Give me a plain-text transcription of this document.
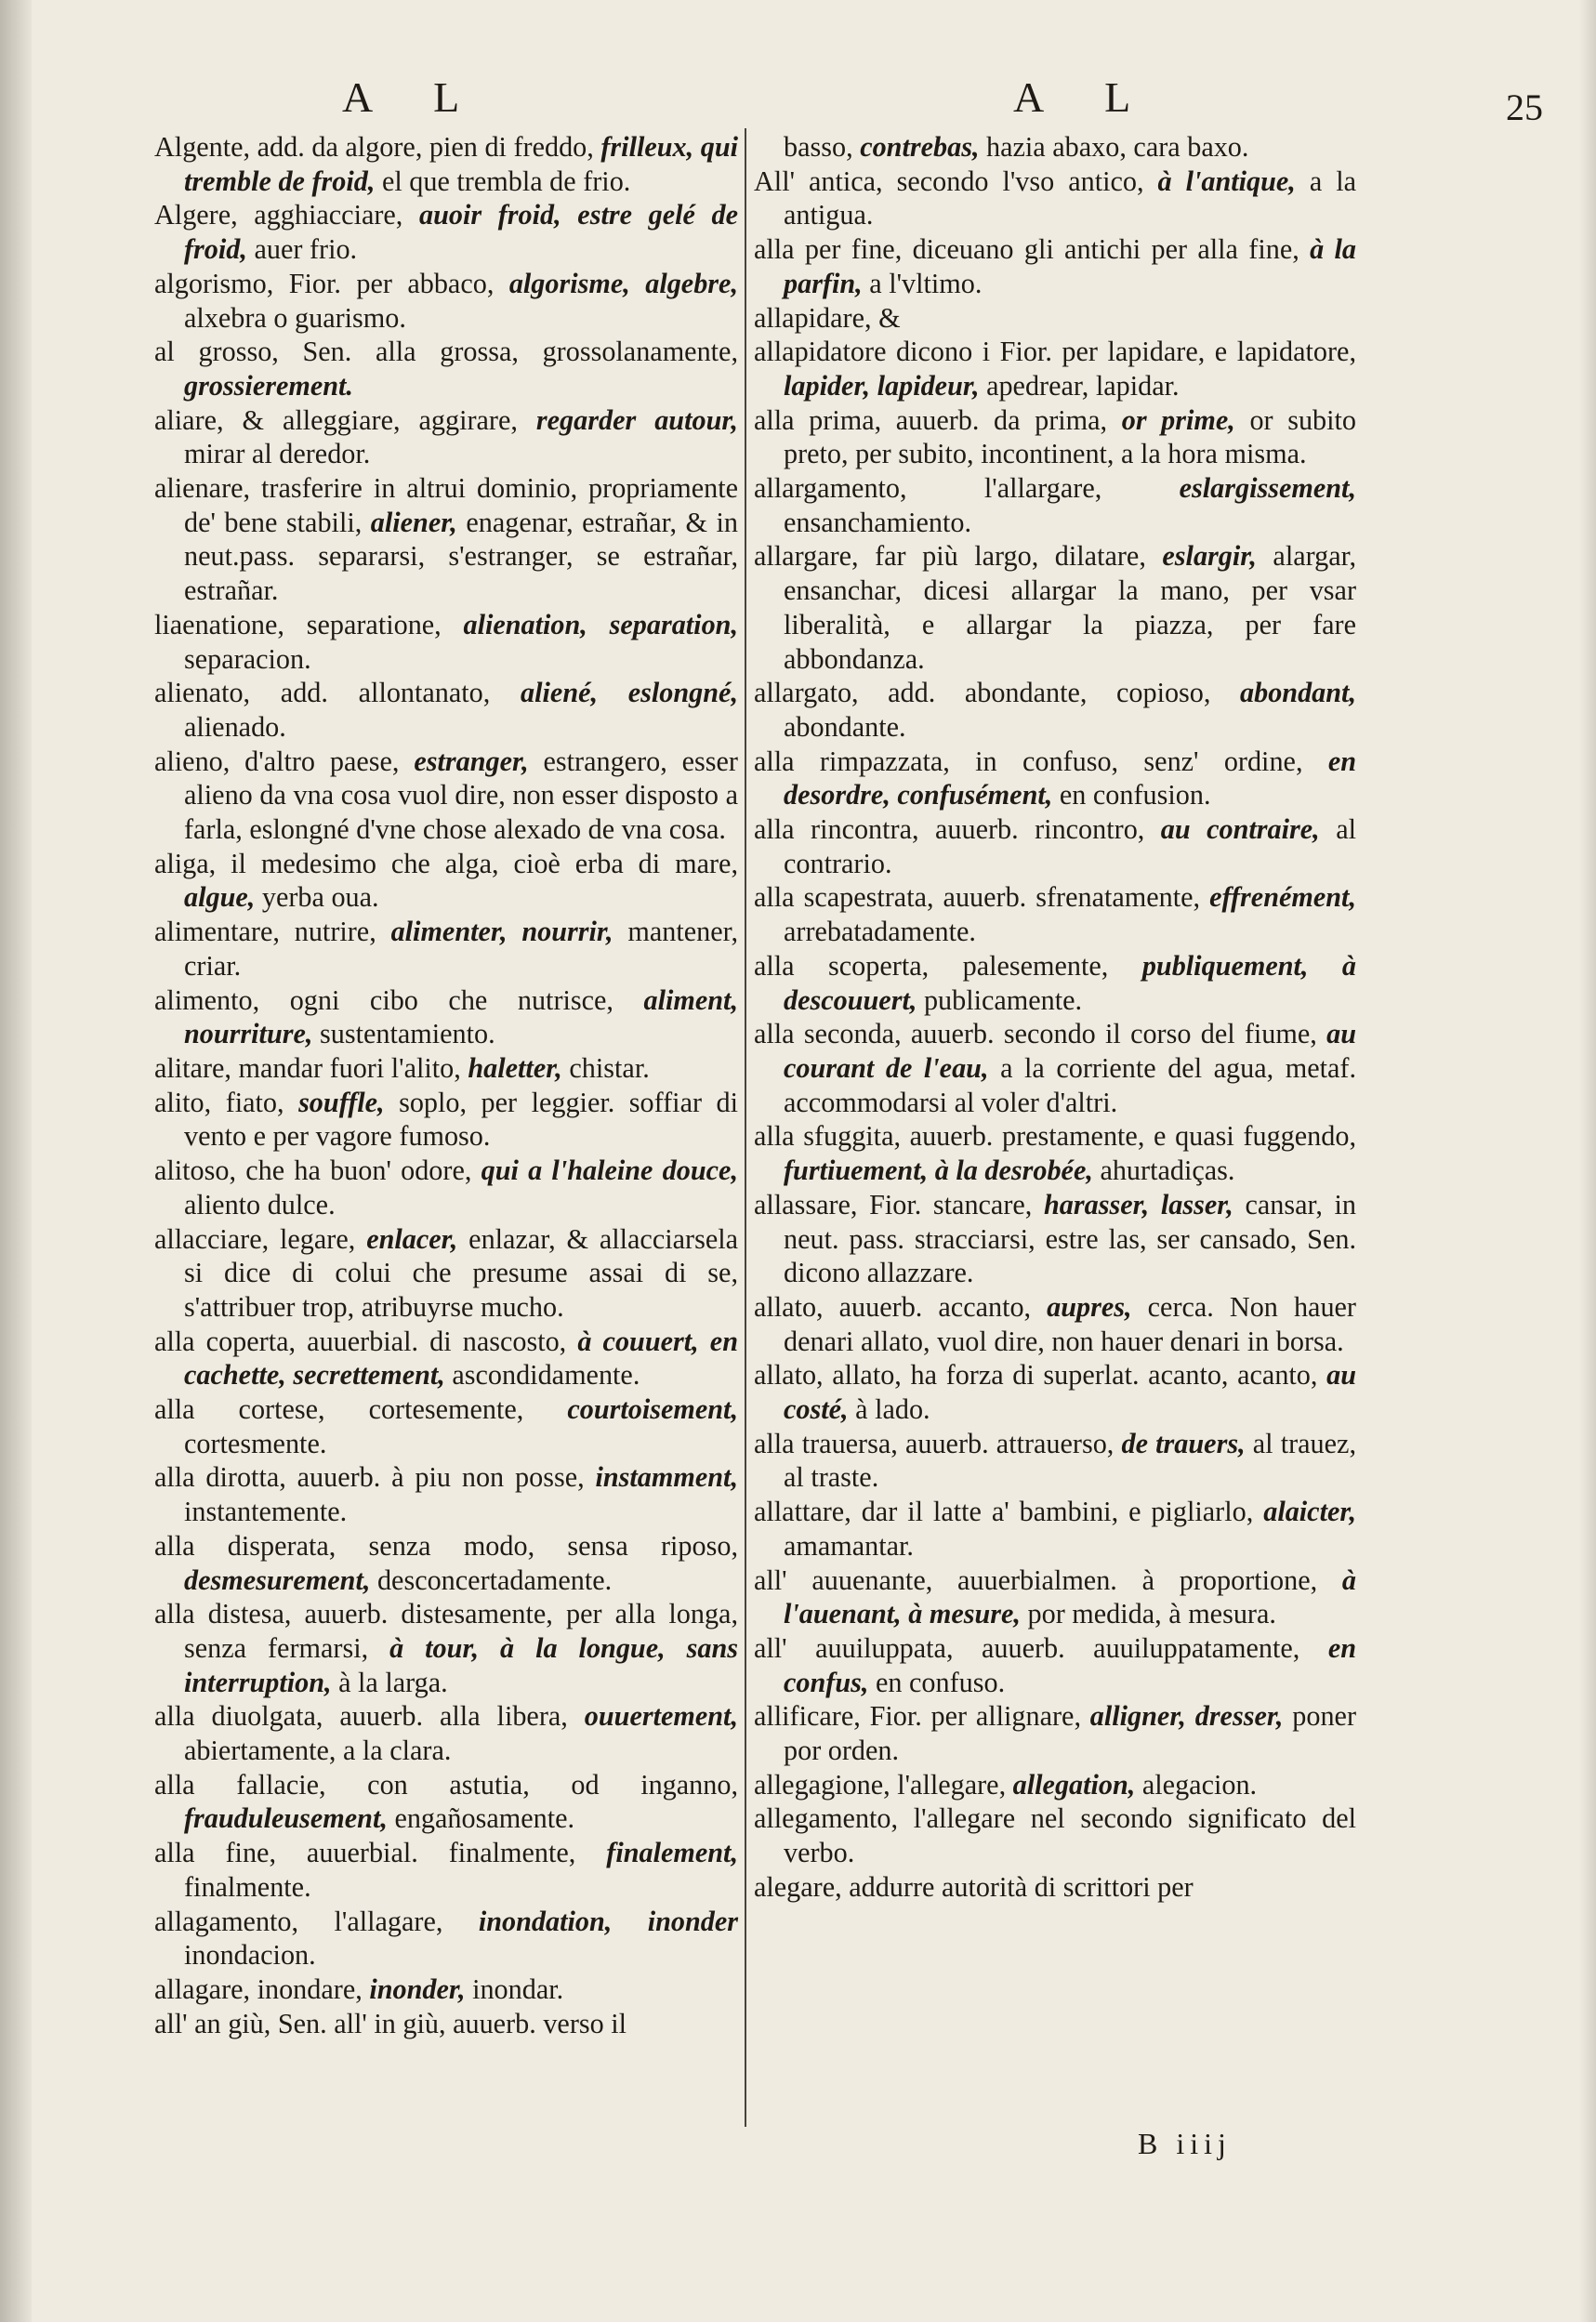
A L	A L	25

Algente, add. da algore, pien di freddo, frilleux, qui tremble de froid, el que trembla de frio.

Algere, agghiacciare, auoir froid, estre gelé de froid, auer frio.

algorismo, Fior. per abbaco, algorisme, algebre, alxebra o guarismo.

al grosso, Sen. alla grossa, grossolanamente, grossierement.

aliare, & alleggiare, aggirare, regarder autour, mirar al deredor.

alienare, trasferire in altrui dominio, propriamente de' bene stabili, aliener, enagenar, estrañar, & in neut.pass. separarsi, s'estranger, se estrañar, estrañar.

liaenatione, separatione, alienation, separation, separacion.

alienato, add. allontanato, aliené, eslongné, alienado.

alieno, d'altro paese, estranger, estrangero, esser alieno da vna cosa vuol dire, non esser disposto a farla, eslongné d'vne chose alexado de vna cosa.

aliga, il medesimo che alga, cioè erba di mare, algue, yerba oua.

alimentare, nutrire, alimenter, nourrir, mantener, criar.

alimento, ogni cibo che nutrisce, aliment, nourriture, sustentamiento.

alitare, mandar fuori l'alito, haletter, chistar.

alito, fiato, souffle, soplo, per leggier. soffiar di vento e per vagore fumoso.

alitoso, che ha buon' odore, qui a l'haleine douce, aliento dulce.

allacciare, legare, enlacer, enlazar, & allacciarsela si dice di colui che presume assai di se, s'attribuer trop, atribuyrse mucho.

alla coperta, auuerbial. di nascosto, à couuert, en cachette, secrettement, ascondidamente.

alla cortese, cortesemente, courtoisement, cortesmente.

alla dirotta, auuerb. à piu non posse, instamment, instantemente.

alla disperata, senza modo, sensa riposo, desmesurement, desconcertadamente.

alla distesa, auuerb. distesamente, per alla longa, senza fermarsi, à tour, à la longue, sans interruption, à la larga.

alla diuolgata, auuerb. alla libera, ouuertement, abiertamente, a la clara.

alla fallacie, con astutia, od inganno, frauduleusement, engañosamente.

alla fine, auuerbial. finalmente, finalement, finalmente.

allagamento, l'allagare, inondation, inonder inondacion.

allagare, inondare, inonder, inondar.

all' an giù, Sen. all' in giù, auuerb. verso il

basso, contrebas, hazia abaxo, cara baxo.

All' antica, secondo l'vso antico, à l'antique, a la antigua.

alla per fine, diceuano gli antichi per alla fine, à la parfin, a l'vltimo.

allapidare, &

allapidatore dicono i Fior. per lapidare, e lapidatore, lapider, lapideur, apedrear, lapidar.

alla prima, auuerb. da prima, or prime, or subito preto, per subito, incontinent, a la hora misma.

allargamento, l'allargare, eslargissement, ensanchamiento.

allargare, far più largo, dilatare, eslargir, alargar, ensanchar, dicesi allargar la mano, per vsar liberalità, e allargar la piazza, per fare abbondanza.

allargato, add. abondante, copioso, abondant, abondante.

alla rimpazzata, in confuso, senz' ordine, en desordre, confusément, en confusion.

alla rincontra, auuerb. rincontro, au contraire, al contrario.

alla scapestrata, auuerb. sfrenatamente, effrenément, arrebatadamente.

alla scoperta, palesemente, publiquement, à descouuert, publicamente.

alla seconda, auuerb. secondo il corso del fiume, au courant de l'eau, a la corriente del agua, metaf. accommodarsi al voler d'altri.

alla sfuggita, auuerb. prestamente, e quasi fuggendo, furtiuement, à la desrobée, ahurtadiças.

allassare, Fior. stancare, harasser, lasser, cansar, in neut. pass. stracciarsi, estre las, ser cansado, Sen. dicono allazzare.

allato, auuerb. accanto, aupres, cerca. Non hauer denari allato, vuol dire, non hauer denari in borsa.

allato, allato, ha forza di superlat. acanto, acanto, au costé, à lado.

alla trauersa, auuerb. attrauerso, de trauers, al trauez, al traste.

allattare, dar il latte a' bambini, e pigliarlo, alaicter, amamantar.

all' auuenante, auuerbialmen. à proportione, à l'auenant, à mesure, por medida, à mesura.

all' auuiluppata, auuerb. auuiluppatamente, en confus, en confuso.

allificare, Fior. per allignare, alligner, dresser, poner por orden.

allegagione, l'allegare, allegation, alegacion.

allegamento, l'allegare nel secondo significato del verbo.

alegare, addurre autorità di scrittori per

B iiij
